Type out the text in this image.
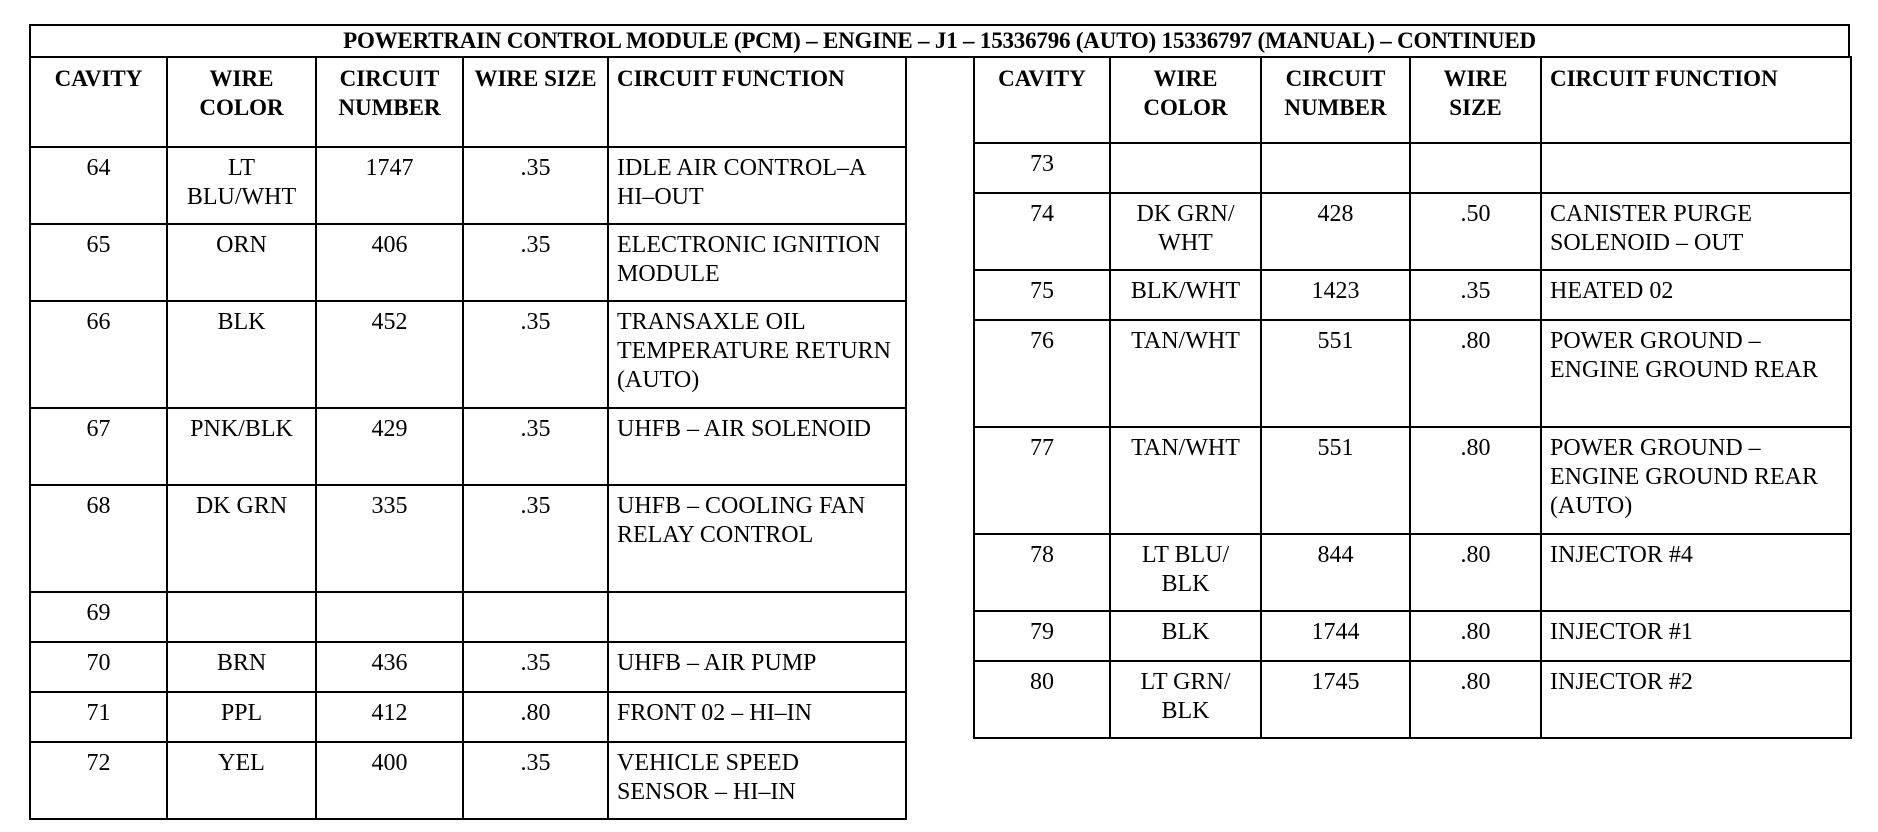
POWERTRAIN CONTROL MODULE (PCM) – ENGINE – J1 – 15336796 (AUTO) 15336797 (MANUAL) – CONTINUED
CAVITY	WIRE COLOR	CIRCUIT NUMBER	WIRE SIZE	CIRCUIT FUNCTION
64	LT BLU/WHT	1747	.35	IDLE AIR CONTROL–A HI–OUT
65	ORN	406	.35	ELECTRONIC IGNITION MODULE
66	BLK	452	.35	TRANSAXLE OIL TEMPERATURE RETURN (AUTO)
67	PNK/BLK	429	.35	UHFB – AIR SOLENOID
68	DK GRN	335	.35	UHFB – COOLING FAN RELAY CONTROL
69				
70	BRN	436	.35	UHFB – AIR PUMP
71	PPL	412	.80	FRONT 02 – HI–IN
72	YEL	400	.35	VEHICLE SPEED SENSOR – HI–IN
CAVITY	WIRE COLOR	CIRCUIT NUMBER	WIRE SIZE	CIRCUIT FUNCTION
73				
74	DK GRN/ WHT	428	.50	CANISTER PURGE SOLENOID – OUT
75	BLK/WHT	1423	.35	HEATED 02
76	TAN/WHT	551	.80	POWER GROUND – ENGINE GROUND REAR
77	TAN/WHT	551	.80	POWER GROUND – ENGINE GROUND REAR (AUTO)
78	LT BLU/ BLK	844	.80	INJECTOR #4
79	BLK	1744	.80	INJECTOR #1
80	LT GRN/ BLK	1745	.80	INJECTOR #2
